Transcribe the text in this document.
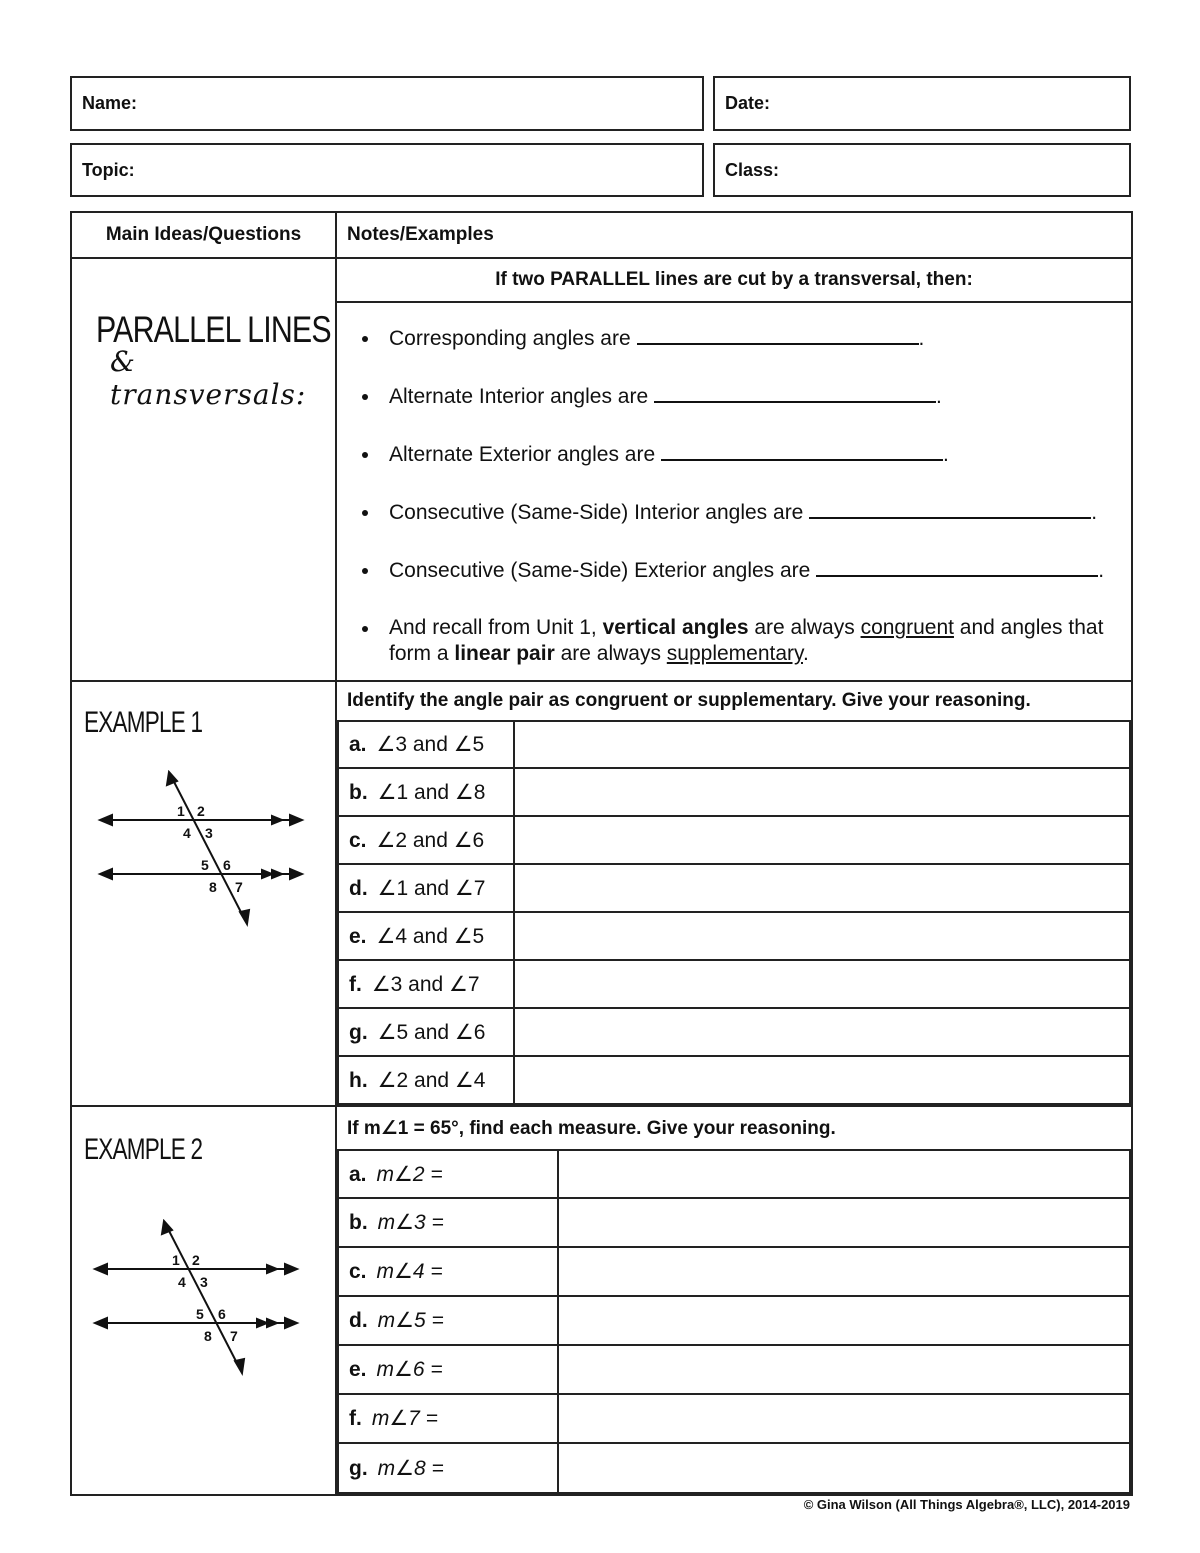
Name:	Date:
Topic:	Class:
Main Ideas/Questions	Notes/Examples

PARALLEL LINES
& transversals:

If two PARALLEL lines are cut by a transversal, then:
Corresponding angles are	.
Alternate Interior angles are	.
Alternate Exterior angles are	.
Consecutive (Same-Side) Interior angles are	.
Consecutive (Same-Side) Exterior angles are	.
And recall from Unit 1, vertical angles are always congruent and angles that form a linear pair are always supplementary.

EXAMPLE 1
1 2
4 3
5 6
8 7

Identify the angle pair as congruent or supplementary. Give your reasoning.
a. ∠3 and ∠5	
b. ∠1 and ∠8	
c. ∠2 and ∠6	
d. ∠1 and ∠7	
e. ∠4 and ∠5	
f. ∠3 and ∠7	
g. ∠5 and ∠6	
h. ∠2 and ∠4	

EXAMPLE 2
1 2
4 3
5 6
8 7

If m∠1 = 65°, find each measure. Give your reasoning.
a. m∠2 =	
b. m∠3 =	
c. m∠4 =	
d. m∠5 =	
e. m∠6 =	
f. m∠7 =	
g. m∠8 =	
© Gina Wilson (All Things Algebra®, LLC), 2014-2019
